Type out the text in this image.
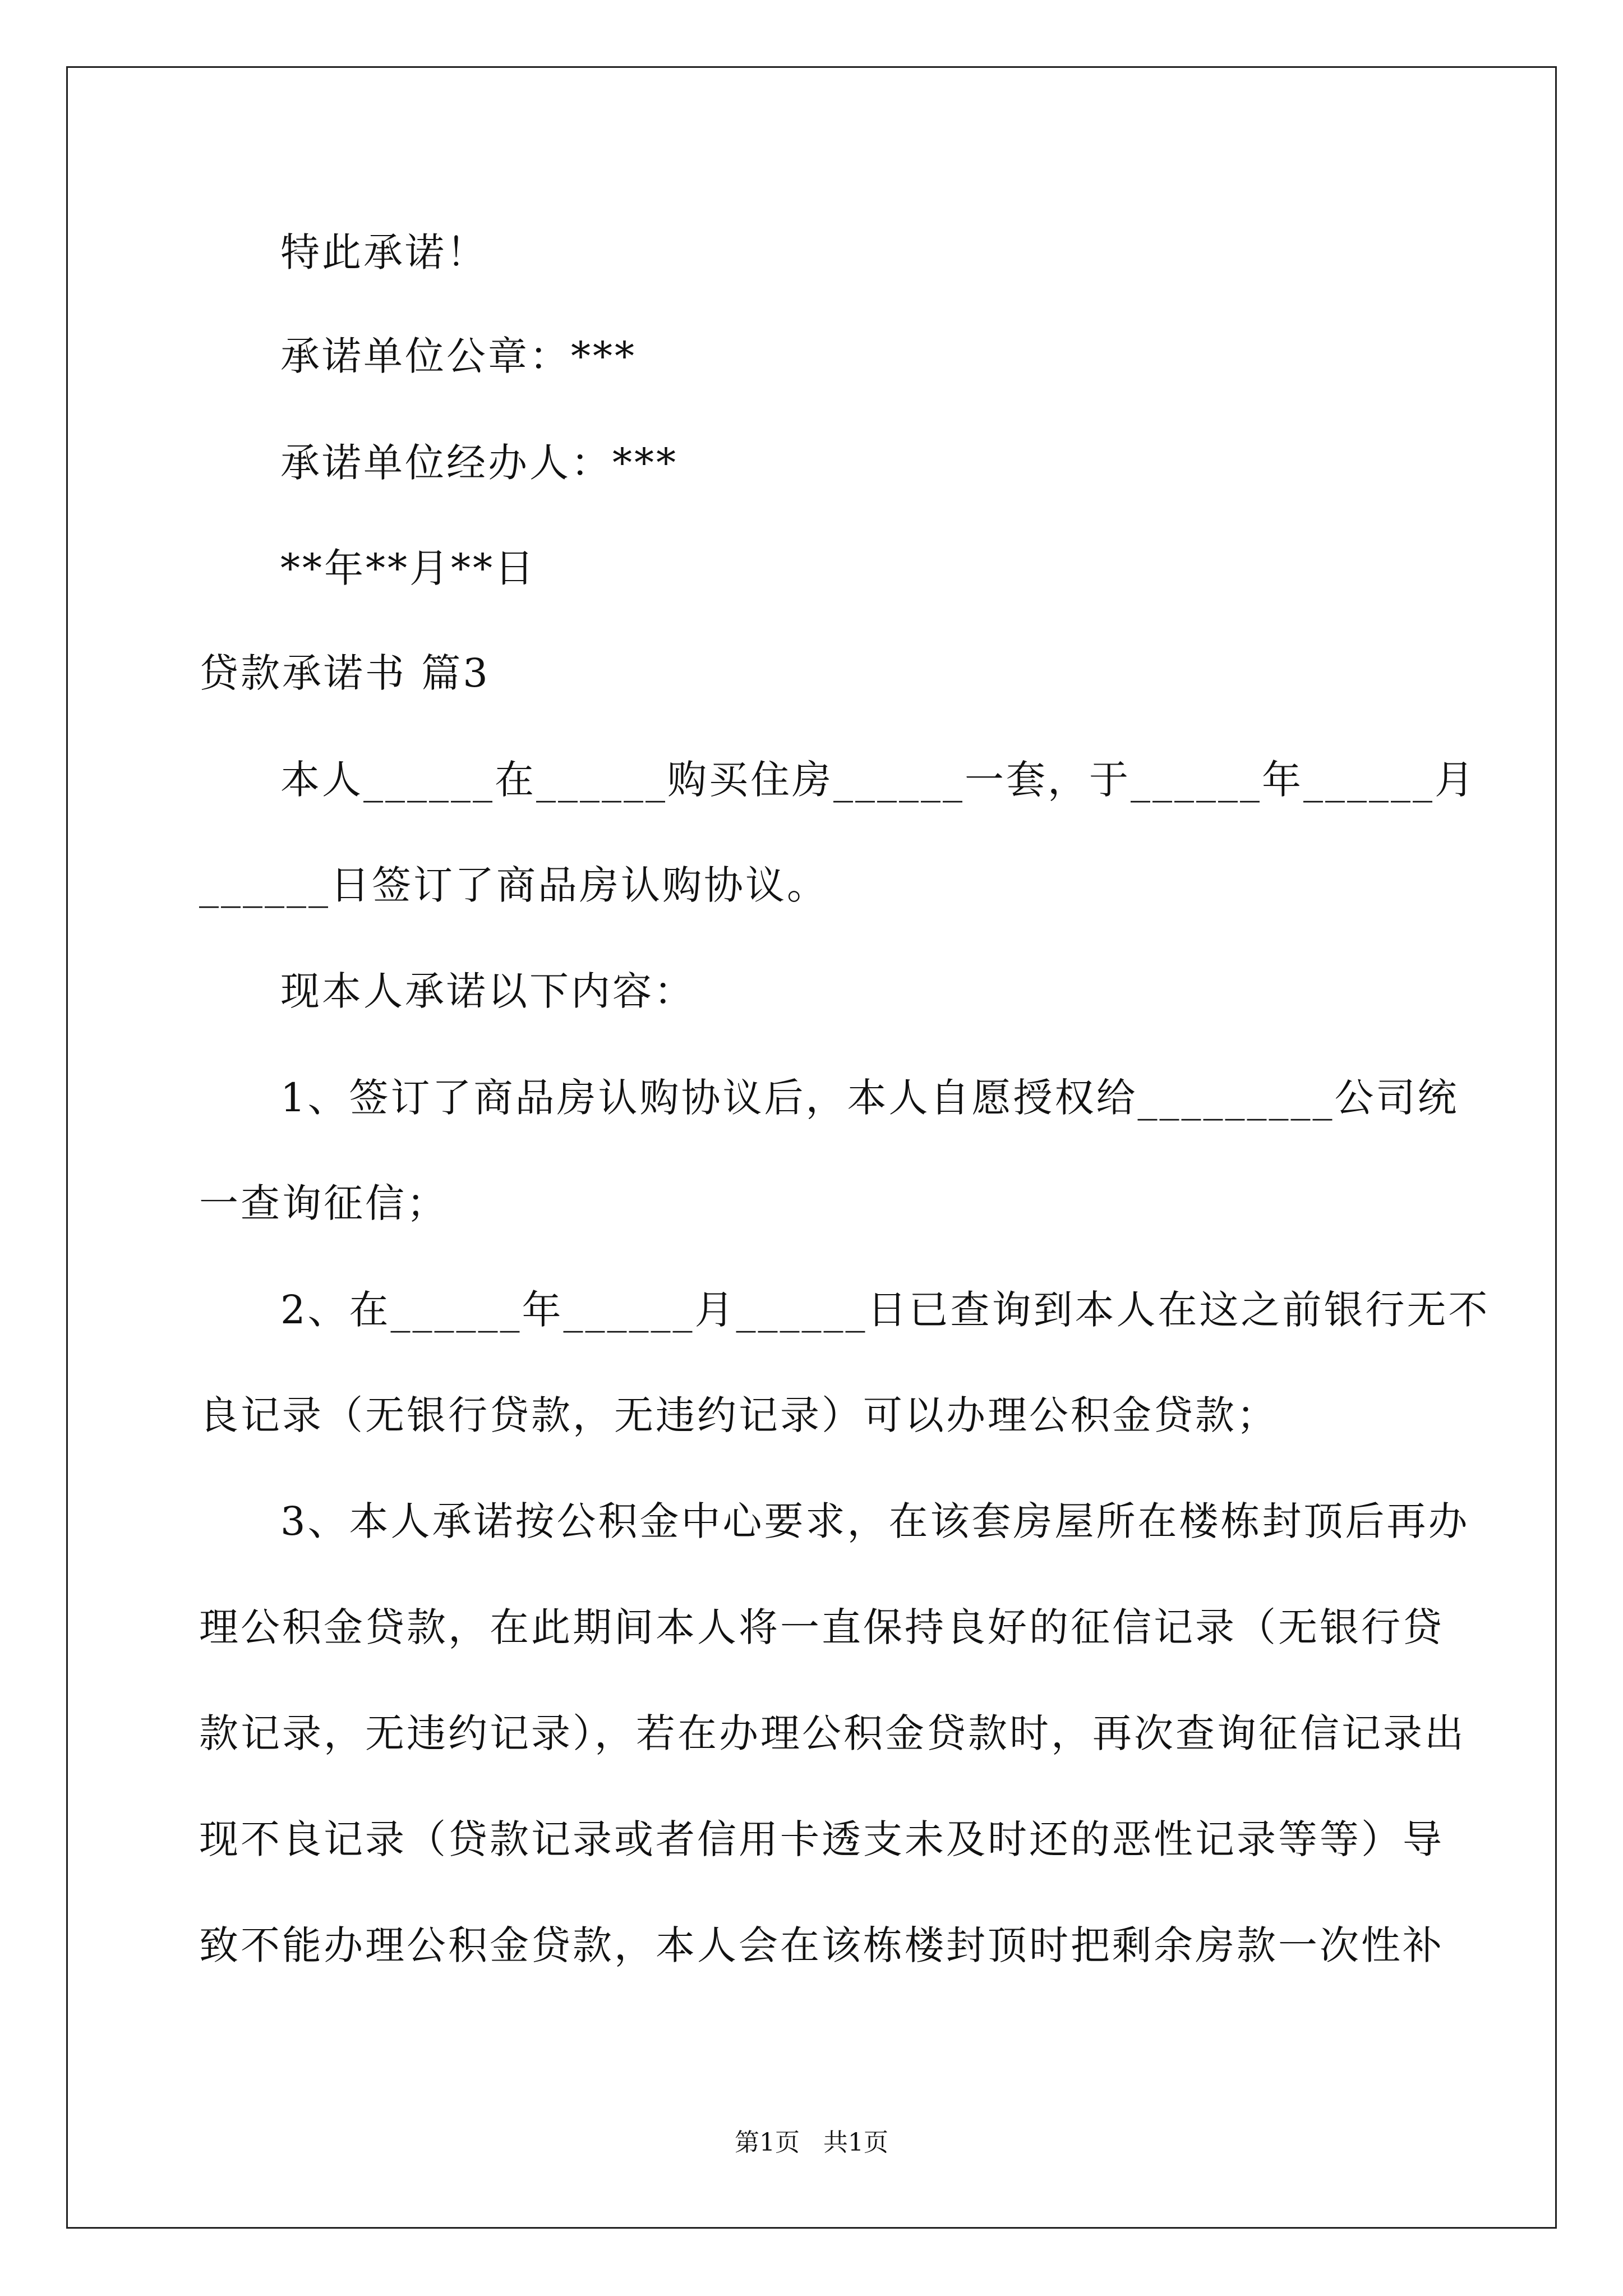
特此承诺！
承诺单位公章：***
承诺单位经办人：***
**年**月**日
贷款承诺书 篇3
本人______在______购买住房______一套，于______年______月
______日签订了商品房认购协议。
现本人承诺以下内容：
1、签订了商品房认购协议后，本人自愿授权给_________公司统
一查询征信；
2、在______年______月______日已查询到本人在这之前银行无不
良记录（无银行贷款，无违约记录）可以办理公积金贷款；
3、本人承诺按公积金中心要求，在该套房屋所在楼栋封顶后再办
理公积金贷款，在此期间本人将一直保持良好的征信记录（无银行贷
款记录，无违约记录），若在办理公积金贷款时，再次查询征信记录出
现不良记录（贷款记录或者信用卡透支未及时还的恶性记录等等）导
致不能办理公积金贷款，本人会在该栋楼封顶时把剩余房款一次性补
第1页   共1页
